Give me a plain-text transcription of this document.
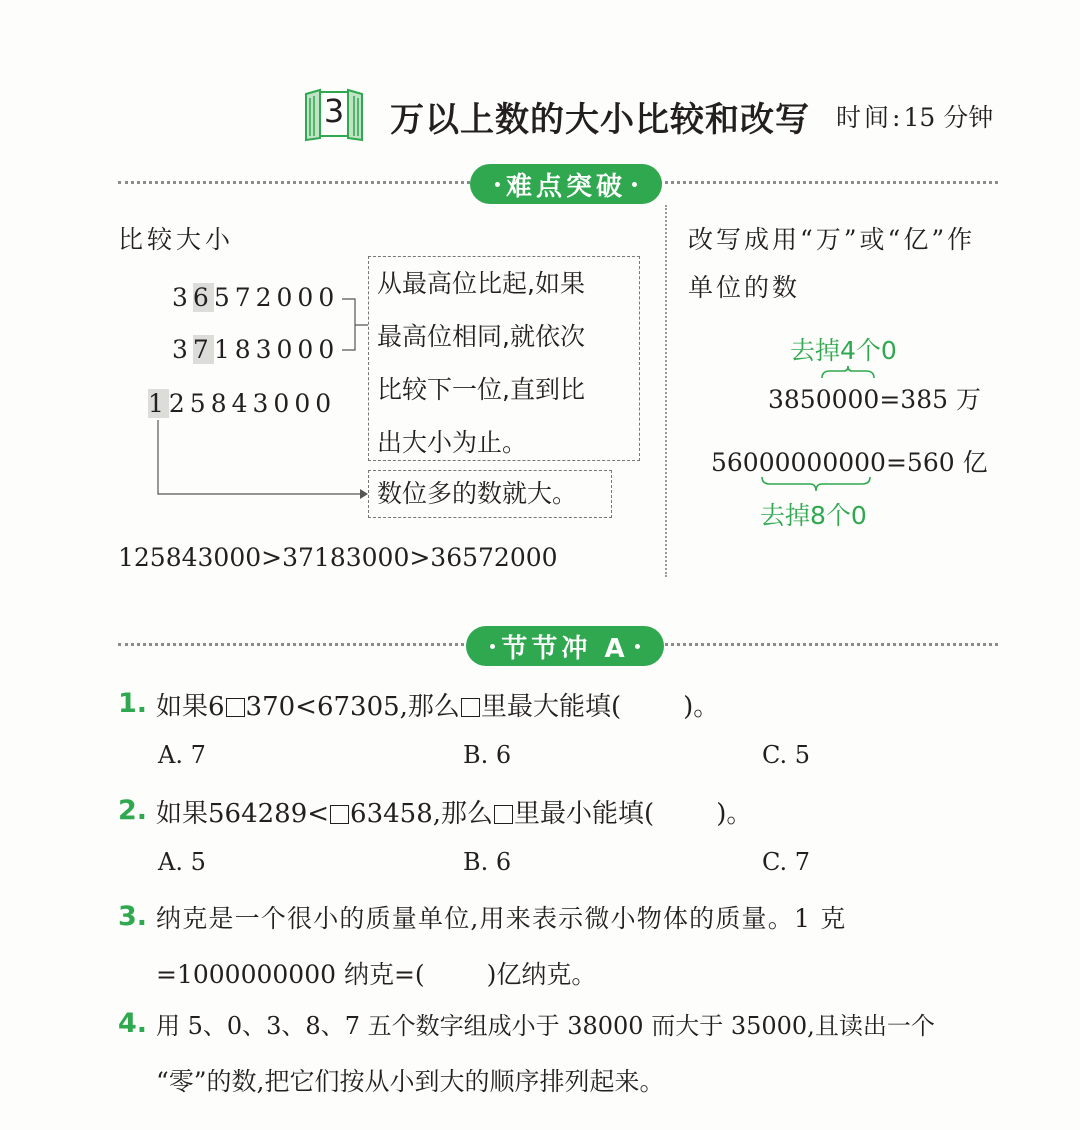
3 万以上数的大小比较和改写 时间:15 分钟
难点突破
比较大小
36572000
37183000
125843000
从最高位比起,如果
最高位相同,就依次
比较下一位,直到比
出大小为止。
数位多的数就大。
125843000>37183000>36572000
改写成用“万”或“亿”作
单位的数
去掉4个0
3850000=385 万
56000000000=560 亿
去掉8个0
节节冲 A
1. 如果6 370<67305,那么 里最大能填( )。
A. 7	B. 6	C. 5
2. 如果564289< 63458,那么 里最小能填( )。
A. 5	B. 6	C. 7
3. 纳克是一个很小的质量单位,用来表示微小物体的质量。1 克
=1000000000 纳克=( )亿纳克。
4. 用 5、0、3、8、7 五个数字组成小于 38000 而大于 35000,且读出一个
“零”的数,把它们按从小到大的顺序排列起来。
